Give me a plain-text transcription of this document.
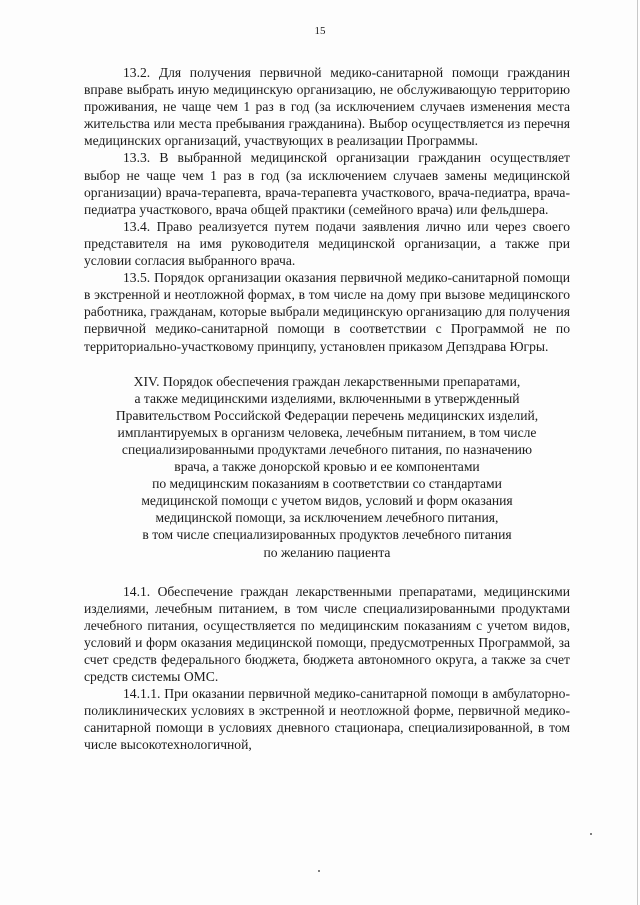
15

13.2. Для получения первичной медико-санитарной помощи гражданин вправе выбрать иную медицинскую организацию, не обслуживающую территорию проживания, не чаще чем 1 раз в год (за исключением случаев изменения места жительства или места пребывания гражданина). Выбор осуществляется из перечня медицинских организаций, участвующих в реализации Программы.

13.3. В выбранной медицинской организации гражданин осуществляет выбор не чаще чем 1 раз в год (за исключением случаев замены медицинской организации) врача-терапевта, врача-терапевта участкового, врача-педиатра, врача-педиатра участкового, врача общей практики (семейного врача) или фельдшера.

13.4. Право реализуется путем подачи заявления лично или через своего представителя на имя руководителя медицинской организации, а также при условии согласия выбранного врача.

13.5. Порядок организации оказания первичной медико-санитарной помощи в экстренной и неотложной формах, в том числе на дому при вызове медицинского работника, гражданам, которые выбрали медицинскую организацию для получения первичной медико-санитарной помощи в соответствии с Программой не по территориально-участковому принципу, установлен приказом Депздрава Югры.

XIV. Порядок обеспечения граждан лекарственными препаратами,
а также медицинскими изделиями, включенными в утвержденный
Правительством Российской Федерации перечень медицинских изделий,
имплантируемых в организм человека, лечебным питанием, в том числе
специализированными продуктами лечебного питания, по назначению
врача, а также донорской кровью и ее компонентами
по медицинским показаниям в соответствии со стандартами
медицинской помощи с учетом видов, условий и форм оказания
медицинской помощи, за исключением лечебного питания,
в том числе специализированных продуктов лечебного питания
по желанию пациента

14.1. Обеспечение граждан лекарственными препаратами, медицинскими изделиями, лечебным питанием, в том числе специализированными продуктами лечебного питания, осуществляется по медицинским показаниям с учетом видов, условий и форм оказания медицинской помощи, предусмотренных Программой, за счет средств федерального бюджета, бюджета автономного округа, а также за счет средств системы ОМС.

14.1.1. При оказании первичной медико-санитарной помощи в амбулаторно-поликлинических условиях в экстренной и неотложной форме, первичной медико-санитарной помощи в условиях дневного стационара, специализированной, в том числе высокотехнологичной,
